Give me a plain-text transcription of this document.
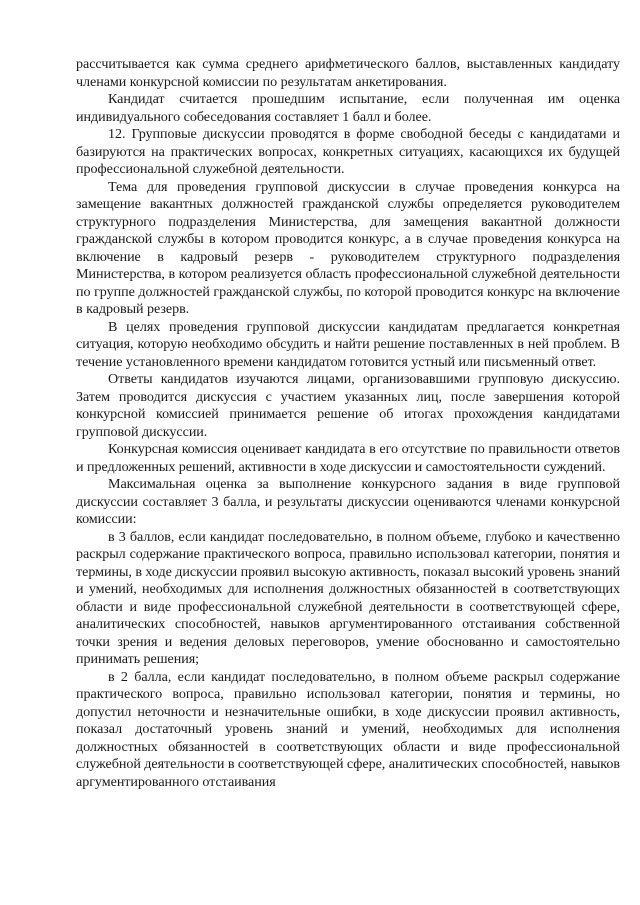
рассчитывается как сумма среднего арифметического баллов, выставленных кандидату членами конкурсной комиссии по результатам анкетирования.

Кандидат считается прошедшим испытание, если полученная им оценка индивидуального собеседования составляет 1 балл и более.

12. Групповые дискуссии проводятся в форме свободной беседы с кандидатами и базируются на практических вопросах, конкретных ситуациях, касающихся их будущей профессиональной служебной деятельности.

Тема для проведения групповой дискуссии в случае проведения конкурса на замещение вакантных должностей гражданской службы определяется руководителем структурного подразделения Министерства, для замещения вакантной должности гражданской службы в котором проводится конкурс, а в случае проведения конкурса на включение в кадровый резерв - руководителем структурного подразделения Министерства, в котором реализуется область профессиональной служебной деятельности по группе должностей гражданской службы, по которой проводится конкурс на включение в кадровый резерв.

В целях проведения групповой дискуссии кандидатам предлагается конкретная ситуация, которую необходимо обсудить и найти решение поставленных в ней проблем. В течение установленного времени кандидатом готовится устный или письменный ответ.

Ответы кандидатов изучаются лицами, организовавшими групповую дискуссию. Затем проводится дискуссия с участием указанных лиц, после завершения которой конкурсной комиссией принимается решение об итогах прохождения кандидатами групповой дискуссии.

Конкурсная комиссия оценивает кандидата в его отсутствие по правильности ответов и предложенных решений, активности в ходе дискуссии и самостоятельности суждений.

Максимальная оценка за выполнение конкурсного задания в виде групповой дискуссии составляет 3 балла, и результаты дискуссии оцениваются членами конкурсной комиссии:

в 3 баллов, если кандидат последовательно, в полном объеме, глубоко и качественно раскрыл содержание практического вопроса, правильно использовал категории, понятия и термины, в ходе дискуссии проявил высокую активность, показал высокий уровень знаний и умений, необходимых для исполнения должностных обязанностей в соответствующих области и виде профессиональной служебной деятельности в соответствующей сфере, аналитических способностей, навыков аргументированного отстаивания собственной точки зрения и ведения деловых переговоров, умение обоснованно и самостоятельно принимать решения;

в 2 балла, если кандидат последовательно, в полном объеме раскрыл содержание практического вопроса, правильно использовал категории, понятия и термины, но допустил неточности и незначительные ошибки, в ходе дискуссии проявил активность, показал достаточный уровень знаний и умений, необходимых для исполнения должностных обязанностей в соответствующих области и виде профессиональной служебной деятельности в соответствующей сфере, аналитических способностей, навыков аргументированного отстаивания
